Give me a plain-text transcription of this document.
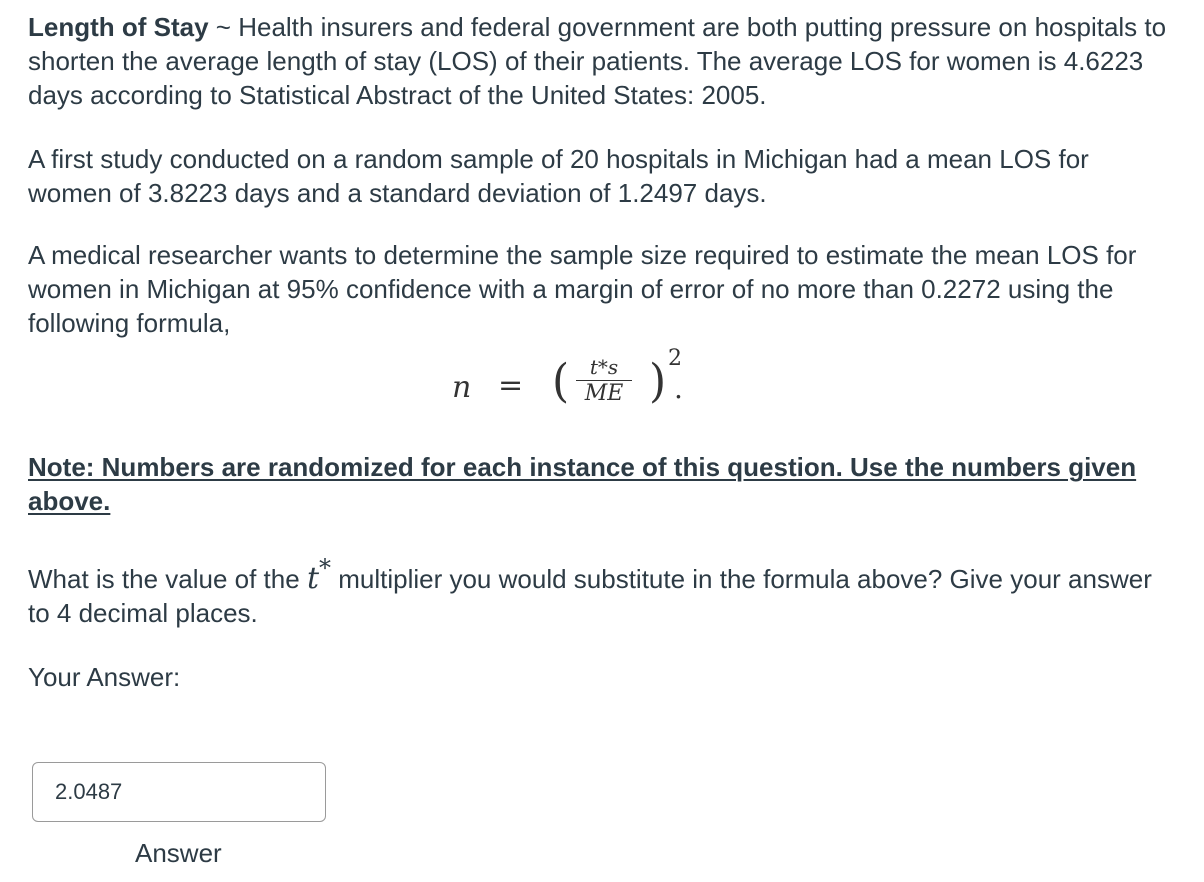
Length of Stay ~ Health insurers and federal government are both putting pressure on hospitals to shorten the average length of stay (LOS) of their patients. The average LOS for women is 4.6223 days according to Statistical Abstract of the United States: 2005.

A first study conducted on a random sample of 20 hospitals in Michigan had a mean LOS for women of 3.8223 days and a standard deviation of 1.2497 days.

A medical researcher wants to determine the sample size required to estimate the mean LOS for women in Michigan at 95% confidence with a margin of error of no more than 0.2272 using the following formula,

n = ( $\frac{t*s}{ME}$ ) 2
.

Note: Numbers are randomized for each instance of this question. Use the numbers given above.

What is the value of the t* multiplier you would substitute in the formula above? Give your answer to 4 decimal places.

Your Answer:

2.0487
Answer
